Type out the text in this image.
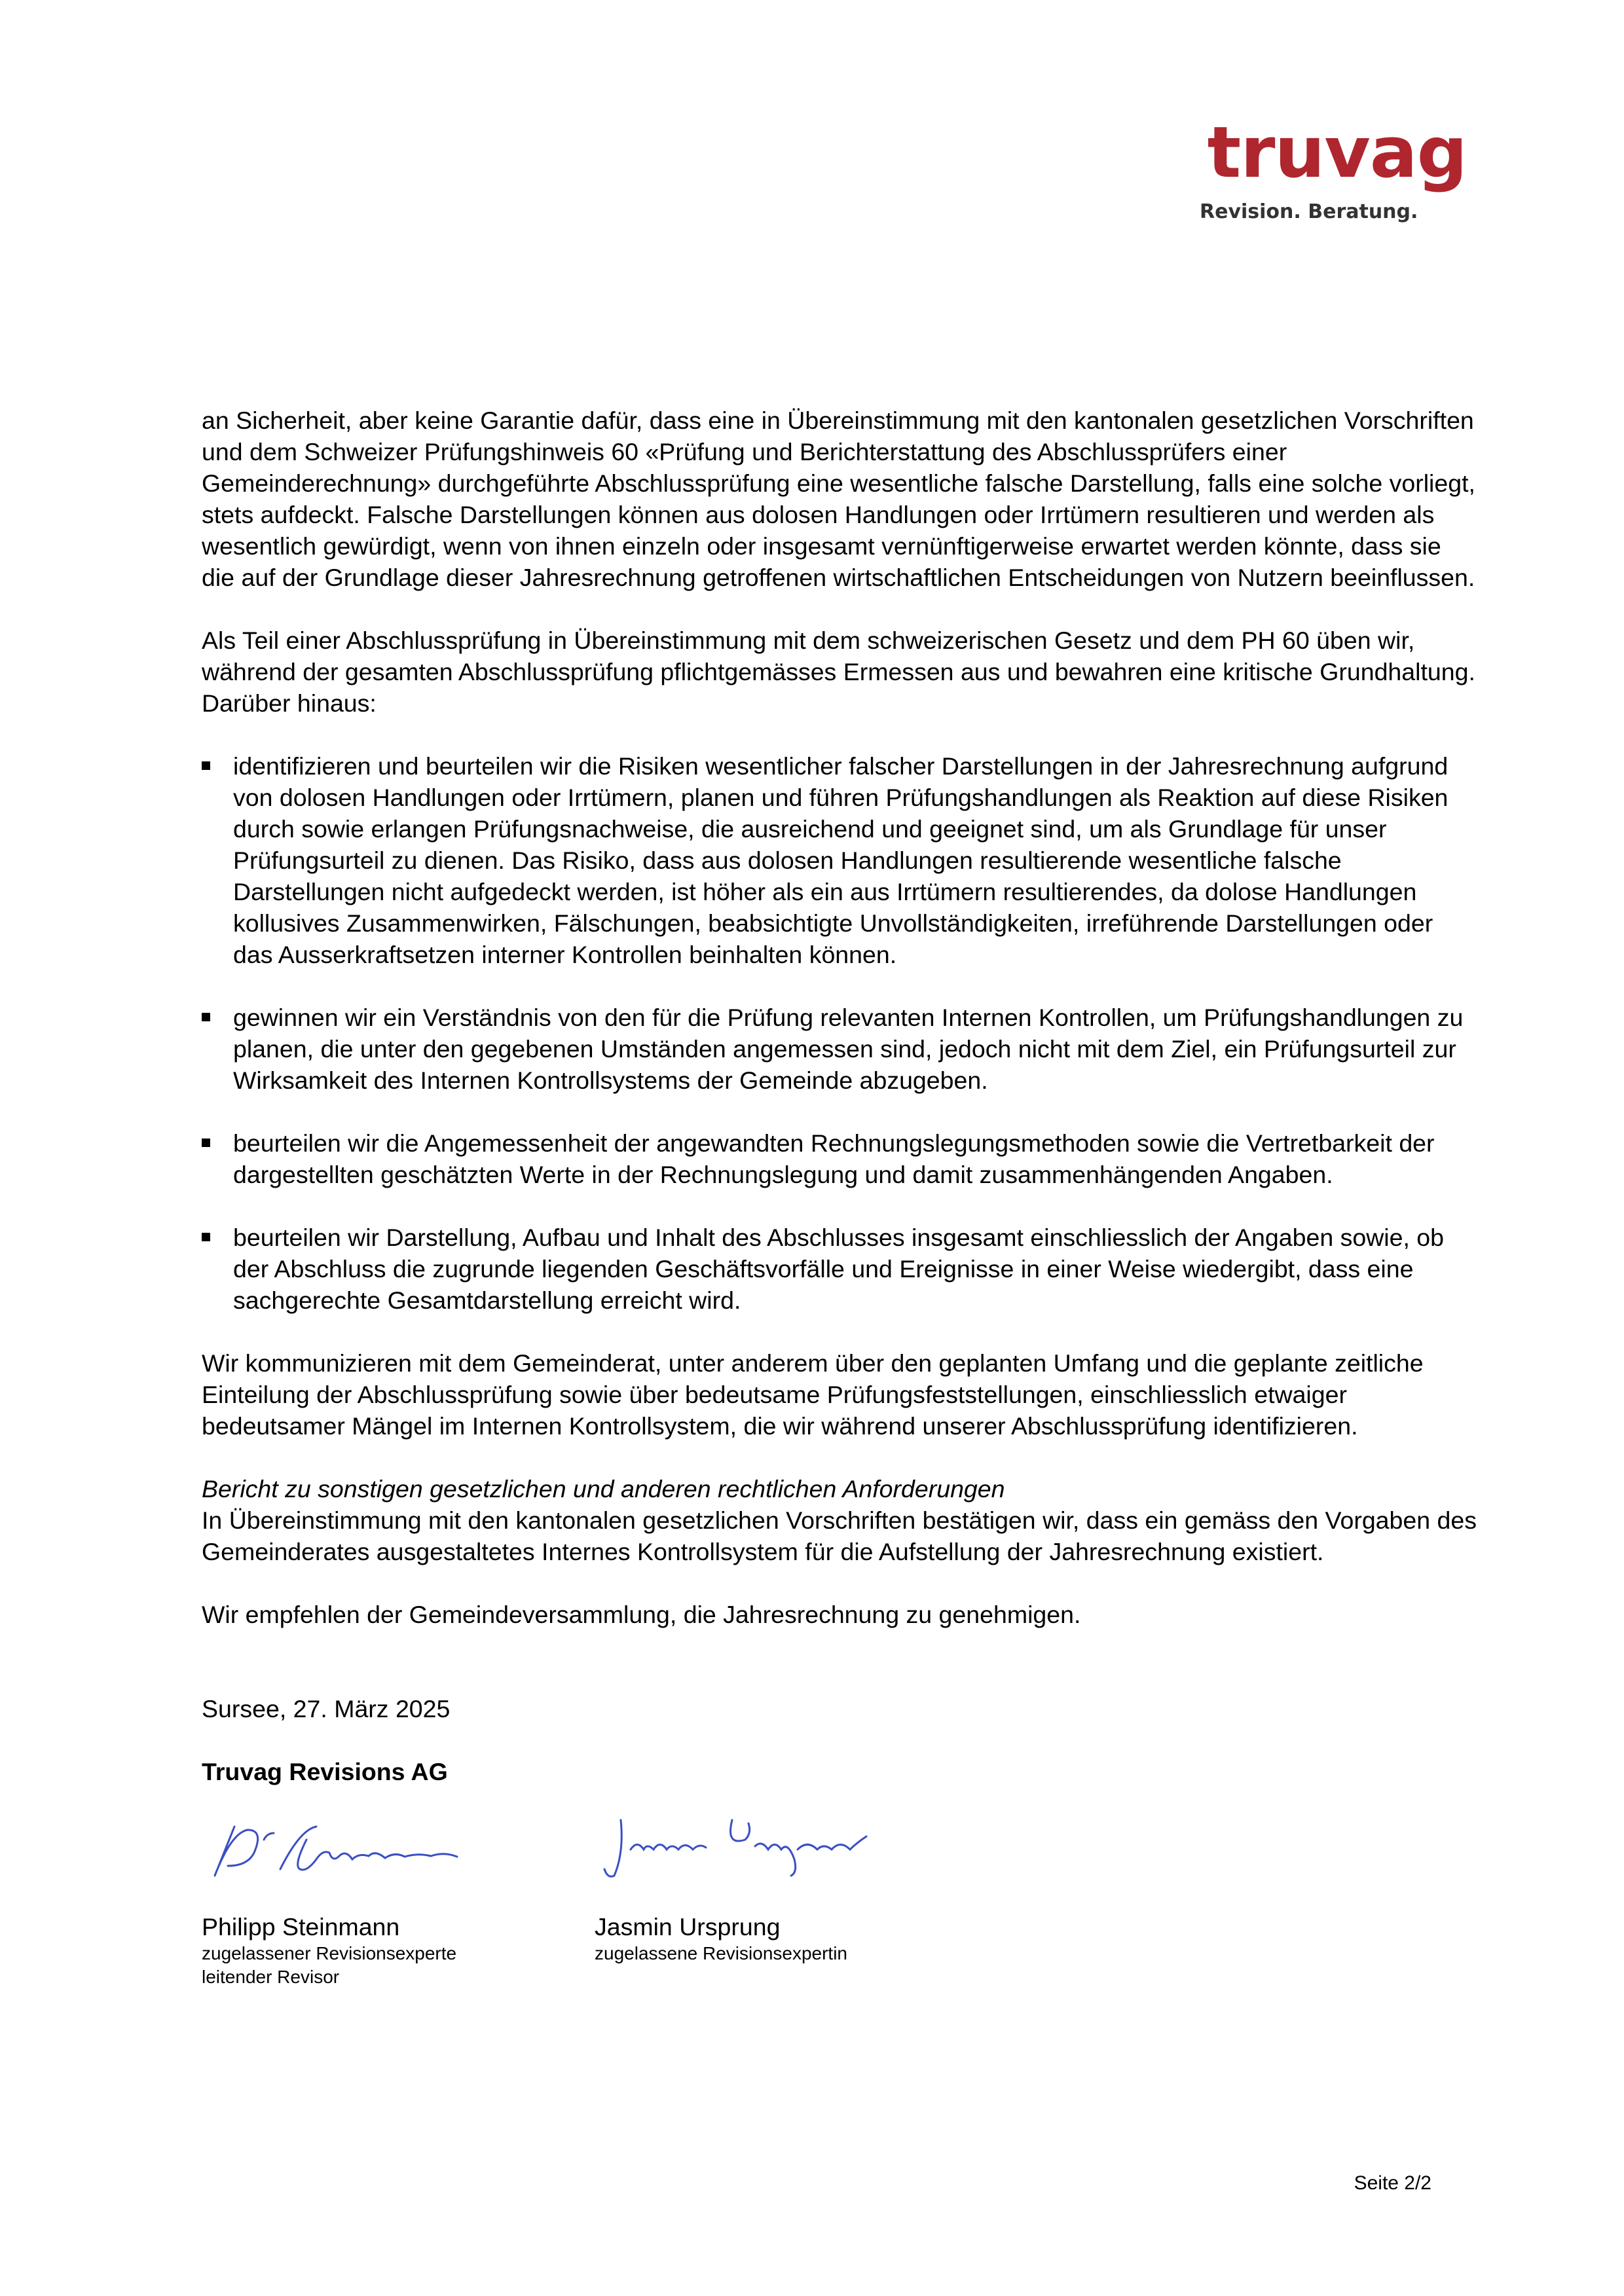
truvag
Revision. Beratung.

an Sicherheit, aber keine Garantie dafür, dass eine in Übereinstimmung mit den kantonalen gesetzlichen Vorschriften und dem Schweizer Prüfungshinweis 60 «Prüfung und Berichterstattung des Abschlussprüfers einer Gemeinderechnung» durchgeführte Abschlussprüfung eine wesentliche falsche Darstellung, falls eine solche vorliegt, stets aufdeckt. Falsche Darstellungen können aus dolosen Handlungen oder Irrtümern resultieren und werden als wesentlich gewürdigt, wenn von ihnen einzeln oder insgesamt vernünftigerweise erwartet werden könnte, dass sie die auf der Grundlage dieser Jahresrechnung getroffenen wirtschaftlichen Entscheidungen von Nutzern beeinflussen.

Als Teil einer Abschlussprüfung in Übereinstimmung mit dem schweizerischen Gesetz und dem PH 60 üben wir, während der gesamten Abschlussprüfung pflichtgemässes Ermessen aus und bewahren eine kritische Grundhaltung. Darüber hinaus:

identifizieren und beurteilen wir die Risiken wesentlicher falscher Darstellungen in der Jahresrechnung aufgrund von dolosen Handlungen oder Irrtümern, planen und führen Prüfungshandlungen als Reaktion auf diese Risiken durch sowie erlangen Prüfungsnachweise, die ausreichend und geeignet sind, um als Grundlage für unser Prüfungsurteil zu dienen. Das Risiko, dass aus dolosen Handlungen resultierende wesentliche falsche Darstellungen nicht aufgedeckt werden, ist höher als ein aus Irrtümern resultierendes, da dolose Handlungen kollusives Zusammenwirken, Fälschungen, beabsichtigte Unvollständigkeiten, irreführende Darstellungen oder das Ausserkraftsetzen interner Kontrollen beinhalten können.
gewinnen wir ein Verständnis von den für die Prüfung relevanten Internen Kontrollen, um Prüfungshandlungen zu planen, die unter den gegebenen Umständen angemessen sind, jedoch nicht mit dem Ziel, ein Prüfungsurteil zur Wirksamkeit des Internen Kontrollsystems der Gemeinde abzugeben.
beurteilen wir die Angemessenheit der angewandten Rechnungslegungsmethoden sowie die Vertretbarkeit der dargestellten geschätzten Werte in der Rechnungslegung und damit zusammenhängenden Angaben.
beurteilen wir Darstellung, Aufbau und Inhalt des Abschlusses insgesamt einschliesslich der Angaben sowie, ob der Abschluss die zugrunde liegenden Geschäftsvorfälle und Ereignisse in einer Weise wiedergibt, dass eine sachgerechte Gesamtdarstellung erreicht wird.

Wir kommunizieren mit dem Gemeinderat, unter anderem über den geplanten Umfang und die geplante zeitliche Einteilung der Abschlussprüfung sowie über bedeutsame Prüfungsfeststellungen, einschliesslich etwaiger bedeutsamer Mängel im Internen Kontrollsystem, die wir während unserer Abschlussprüfung identifizieren.

Bericht zu sonstigen gesetzlichen und anderen rechtlichen Anforderungen
In Übereinstimmung mit den kantonalen gesetzlichen Vorschriften bestätigen wir, dass ein gemäss den Vorgaben des Gemeinderates ausgestaltetes Internes Kontrollsystem für die Aufstellung der Jahresrechnung existiert.

Wir empfehlen der Gemeindeversammlung, die Jahresrechnung zu genehmigen.

Sursee, 27. März 2025

Truvag Revisions AG

Philipp Steinmann
zugelassener Revisionsexperte
leitender Revisor
Jasmin Ursprung
zugelassene Revisionsexpertin
Seite 2/2
